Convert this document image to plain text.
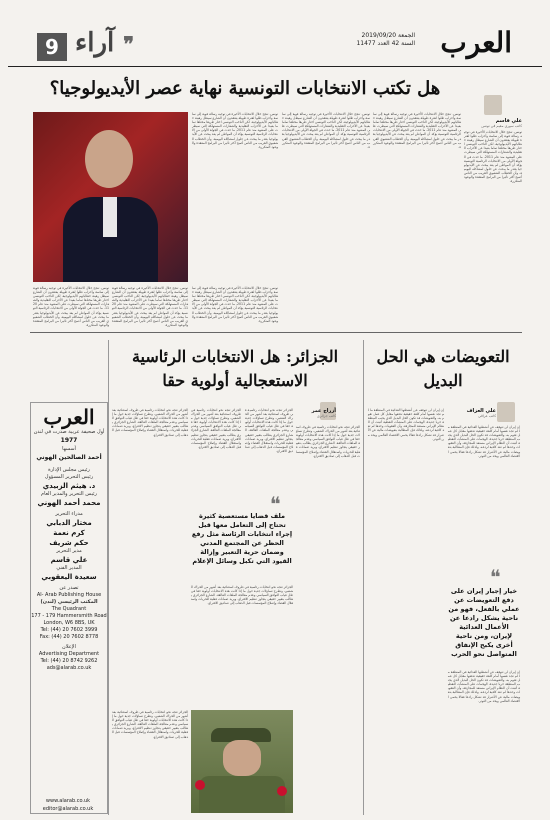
9	❞ آراء	الجمعة 2019/09/20
السنة 42 العدد 11477 العرب
هل تكتب الانتخابات التونسية نهاية عصر الأيديولوجيا؟
علي قاسم
كاتب سوري مقيم في تونس
تونس، تنجح خلال الانتخابات الأخيرة في توجيه رسالة قوية إلى ساسة وأحزاب ظلوا لفترة طويلة يعتقدون أن الشارع سيظل رهينة خطاباتهم الأيديولوجية، لكن الناخب التونسي اختار طريقا مختلفا تماما بعيدا عن الأحزاب التقليدية والشعارات المستهلكة التي سيطرت على المشهد منذ عام 2011. ما حدث في الجولة الأولى من الانتخابات الرئاسية التونسية يؤكد أن المواطن لم يعد يبحث عن الأيديولوجيا بقدر ما يبحث عن حلول لمشاكله اليومية، وأن الخطاب الشعبوي القريب من الناس أصبح أكثر تأثيرا من البرامج المعقدة والوعود المتكررة.
تونس، تنجح خلال الانتخابات الأخيرة في توجيه رسالة قوية إلى ساسة وأحزاب ظلوا لفترة طويلة يعتقدون أن الشارع سيظل رهينة خطاباتهم الأيديولوجية، لكن الناخب التونسي اختار طريقا مختلفا تماما بعيدا عن الأحزاب التقليدية والشعارات المستهلكة التي سيطرت على المشهد منذ عام 2011. ما حدث في الجولة الأولى من الانتخابات الرئاسية التونسية يؤكد أن المواطن لم يعد يبحث عن الأيديولوجيا بقدر ما يبحث عن حلول لمشاكله اليومية، وأن الخطاب الشعبوي القريب من الناس أصبح أكثر تأثيرا من البرامج المعقدة والوعود المتكررة.
تونس، تنجح خلال الانتخابات الأخيرة في توجيه رسالة قوية إلى ساسة وأحزاب ظلوا لفترة طويلة يعتقدون أن الشارع سيظل رهينة خطاباتهم الأيديولوجية، لكن الناخب التونسي اختار طريقا مختلفا تماما بعيدا عن الأحزاب التقليدية والشعارات المستهلكة التي سيطرت على المشهد منذ عام 2011. ما حدث في الجولة الأولى من الانتخابات الرئاسية التونسية يؤكد أن المواطن لم يعد يبحث عن الأيديولوجيا بقدر ما يبحث عن حلول لمشاكله اليومية، وأن الخطاب الشعبوي القريب من الناس أصبح أكثر تأثيرا من البرامج المعقدة والوعود المتكررة.
تونس، تنجح خلال الانتخابات الأخيرة في توجيه رسالة قوية إلى ساسة وأحزاب ظلوا لفترة طويلة يعتقدون أن الشارع سيظل رهينة خطاباتهم الأيديولوجية، لكن الناخب التونسي اختار طريقا مختلفا تماما بعيدا عن الأحزاب التقليدية والشعارات المستهلكة التي سيطرت على المشهد منذ عام 2011. ما حدث في الجولة الأولى من الانتخابات الرئاسية التونسية يؤكد أن المواطن لم يعد يبحث عن الأيديولوجيا بقدر ما يبحث عن حلول لمشاكله اليومية، وأن الخطاب الشعبوي القريب من الناس أصبح أكثر تأثيرا من البرامج المعقدة والوعود المتكررة.
تونس، تنجح خلال الانتخابات الأخيرة في توجيه رسالة قوية إلى ساسة وأحزاب ظلوا لفترة طويلة يعتقدون أن الشارع سيظل رهينة خطاباتهم الأيديولوجية، لكن الناخب التونسي اختار طريقا مختلفا تماما بعيدا عن الأحزاب التقليدية والشعارات المستهلكة التي سيطرت على المشهد منذ عام 2011. ما حدث في الجولة الأولى من الانتخابات الرئاسية التونسية يؤكد أن المواطن لم يعد يبحث عن الأيديولوجيا بقدر ما يبحث عن حلول لمشاكله اليومية، وأن الخطاب الشعبوي القريب من الناس أصبح أكثر تأثيرا من البرامج المعقدة والوعود المتكررة.
تونس، تنجح خلال الانتخابات الأخيرة في توجيه رسالة قوية إلى ساسة وأحزاب ظلوا لفترة طويلة يعتقدون أن الشارع سيظل رهينة خطاباتهم الأيديولوجية، لكن الناخب التونسي اختار طريقا مختلفا تماما بعيدا عن الأحزاب التقليدية والشعارات المستهلكة التي سيطرت على المشهد منذ عام 2011. ما حدث في الجولة الأولى من الانتخابات الرئاسية التونسية يؤكد أن المواطن لم يعد يبحث عن الأيديولوجيا بقدر ما يبحث عن حلول لمشاكله اليومية، وأن الخطاب الشعبوي القريب من الناس أصبح أكثر تأثيرا من البرامج المعقدة والوعود المتكررة.
تونس، تنجح خلال الانتخابات الأخيرة في توجيه رسالة قوية إلى ساسة وأحزاب ظلوا لفترة طويلة يعتقدون أن الشارع سيظل رهينة خطاباتهم الأيديولوجية، لكن الناخب التونسي اختار طريقا مختلفا تماما بعيدا عن الأحزاب التقليدية والشعارات المستهلكة التي سيطرت على المشهد منذ عام 2011. ما حدث في الجولة الأولى من الانتخابات الرئاسية التونسية يؤكد أن المواطن لم يعد يبحث عن الأيديولوجيا بقدر ما يبحث عن حلول لمشاكله اليومية، وأن الخطاب الشعبوي القريب من الناس أصبح أكثر تأثيرا من البرامج المعقدة والوعود المتكررة.
التعويضات هي الحل البديل
علي العزاف
كاتب عراقي
إن إيران لن تتوقف عن أنشطتها العدائية في المنطقة ما لم تجد نفسها أمام كلفة حقيقية تدفعها مقابل كل عمل تقوم به، والتعويضات قد تكون الحل البديل الذي يجنب المنطقة حربا جديدة. الهجمات على المنشآت النفطية أثبتت أن النظام الإيراني مستعد للمجازفة، وأن العقوبات وحدها لم تعد كافية لردعه، ولذلك فإن المطالبة بتعويضات مالية عن الأضرار قد تشكل رادعا فعالا يحمي الاقتصاد العالمي ويحد من التوتر.
إن إيران لن تتوقف عن أنشطتها العدائية في المنطقة ما لم تجد نفسها أمام كلفة حقيقية تدفعها مقابل كل عمل تقوم به، والتعويضات قد تكون الحل البديل الذي يجنب المنطقة حربا جديدة. الهجمات على المنشآت النفطية أثبتت أن النظام الإيراني مستعد للمجازفة، وأن العقوبات وحدها لم تعد كافية لردعه، ولذلك فإن المطالبة بتعويضات مالية عن الأضرار قد تشكل رادعا فعالا يحمي الاقتصاد العالمي ويحد من التوتر.
❝
خيار إجبار إيران على دفع التعويضات عن عملي بالفعل، فهو من ناحية يشكل رادعا عن الأعمال العدائية لإيران، ومن ناحية أخرى يكبح الإنفاق المتواصل نحو الحرب
إن إيران لن تتوقف عن أنشطتها العدائية في المنطقة ما لم تجد نفسها أمام كلفة حقيقية تدفعها مقابل كل عمل تقوم به، والتعويضات قد تكون الحل البديل الذي يجنب المنطقة حربا جديدة. الهجمات على المنشآت النفطية أثبتت أن النظام الإيراني مستعد للمجازفة، وأن العقوبات وحدها لم تعد كافية لردعه، ولذلك فإن المطالبة بتعويضات مالية عن الأضرار قد تشكل رادعا فعالا يحمي الاقتصاد العالمي ويحد من التوتر.
الجزائر: هل الانتخابات الرئاسية الاستعجالية أولوية حقا
أزراج عمر
كاتب جزائري
الجزائر تتجه نحو انتخابات رئاسية في ظروف استثنائية بعد أشهر من الحراك الشعبي، وتطرح تساؤلات جدية حول ما إذا كانت هذه الانتخابات أولوية حقا في ظل غياب التوافق السياسي وعدم معالجة الملفات العالقة. الشارع الجزائري يطالب بتغيير حقيقي يتجاوز تنظيم الاقتراع، ويريد ضمانات فعلية للحريات واستقلال القضاء وإصلاح المؤسسات قبل الذهاب إلى صناديق الاقتراع.
الجزائر تتجه نحو انتخابات رئاسية في ظروف استثنائية بعد أشهر من الحراك الشعبي، وتطرح تساؤلات جدية حول ما إذا كانت هذه الانتخابات أولوية حقا في ظل غياب التوافق السياسي وعدم معالجة الملفات العالقة. الشارع الجزائري يطالب بتغيير حقيقي يتجاوز تنظيم الاقتراع، ويريد ضمانات فعلية للحريات واستقلال القضاء وإصلاح المؤسسات قبل الذهاب إلى صناديق الاقتراع.
الجزائر تتجه نحو انتخابات رئاسية في ظروف استثنائية بعد أشهر من الحراك الشعبي، وتطرح تساؤلات جدية حول ما إذا كانت هذه الانتخابات أولوية حقا في ظل غياب التوافق السياسي وعدم معالجة الملفات العالقة. الشارع الجزائري يطالب بتغيير حقيقي يتجاوز تنظيم الاقتراع، ويريد ضمانات فعلية للحريات واستقلال القضاء وإصلاح المؤسسات قبل الذهاب إلى صناديق الاقتراع.
الجزائر تتجه نحو انتخابات رئاسية في ظروف استثنائية بعد أشهر من الحراك الشعبي، وتطرح تساؤلات جدية حول ما إذا كانت هذه الانتخابات أولوية حقا في ظل غياب التوافق السياسي وعدم معالجة الملفات العالقة. الشارع الجزائري يطالب بتغيير حقيقي يتجاوز تنظيم الاقتراع، ويريد ضمانات فعلية للحريات واستقلال القضاء وإصلاح المؤسسات قبل الذهاب إلى صناديق الاقتراع.
❝
ملف قضايا مستعصية كثيرة تحتاج إلى التعامل معها قبل إجراء انتخابات الرئاسة مثل رفع الحظر عن المجتمع المدني وضمان حرية التعبير وإزالة القيود التي تكبل وسائل الإعلام
الجزائر تتجه نحو انتخابات رئاسية في ظروف استثنائية بعد أشهر من الحراك الشعبي، وتطرح تساؤلات جدية حول ما إذا كانت هذه الانتخابات أولوية حقا في ظل غياب التوافق السياسي وعدم معالجة الملفات العالقة. الشارع الجزائري يطالب بتغيير حقيقي يتجاوز تنظيم الاقتراع، ويريد ضمانات فعلية للحريات واستقلال القضاء وإصلاح المؤسسات قبل الذهاب إلى صناديق الاقتراع.
الجزائر تتجه نحو انتخابات رئاسية في ظروف استثنائية بعد أشهر من الحراك الشعبي، وتطرح تساؤلات جدية حول ما إذا كانت هذه الانتخابات أولوية حقا في ظل غياب التوافق السياسي وعدم معالجة الملفات العالقة. الشارع الجزائري يطالب بتغيير حقيقي يتجاوز تنظيم الاقتراع، ويريد ضمانات فعلية للحريات واستقلال القضاء وإصلاح المؤسسات قبل الذهاب إلى صناديق الاقتراع.
العرب
أول صحيفة عربية صدرت في لندن
1977
أسسها
أحمد الصالحين الهوني
رئيس مجلس الإدارة
رئيس التحرير المسؤول
د. هيثم الزبيدي
رئيس التحرير والمدير العام
محمد أحمد الهوني
مدراء التحرير
مختار الدبابي
كرم نعمة
حكم شريف
مدير التحرير
علي قاسم
المدير الفني
سعيدة اليعقوبي
تصدر عن
Al- Arab Publishing House
المكتب الرئيسي (لندن)
The Quadrant
177 - 179 Hammersmith Road
London, W6 8BS, UK
Tel: (44) 20 7602 3999
Fax: (44) 20 7602 8778
الإعلان
Advertising Department
Tel: (44) 20 8742 9262
ads@alarab.co.uk
www.alarab.co.uk
editor@alarab.co.uk
